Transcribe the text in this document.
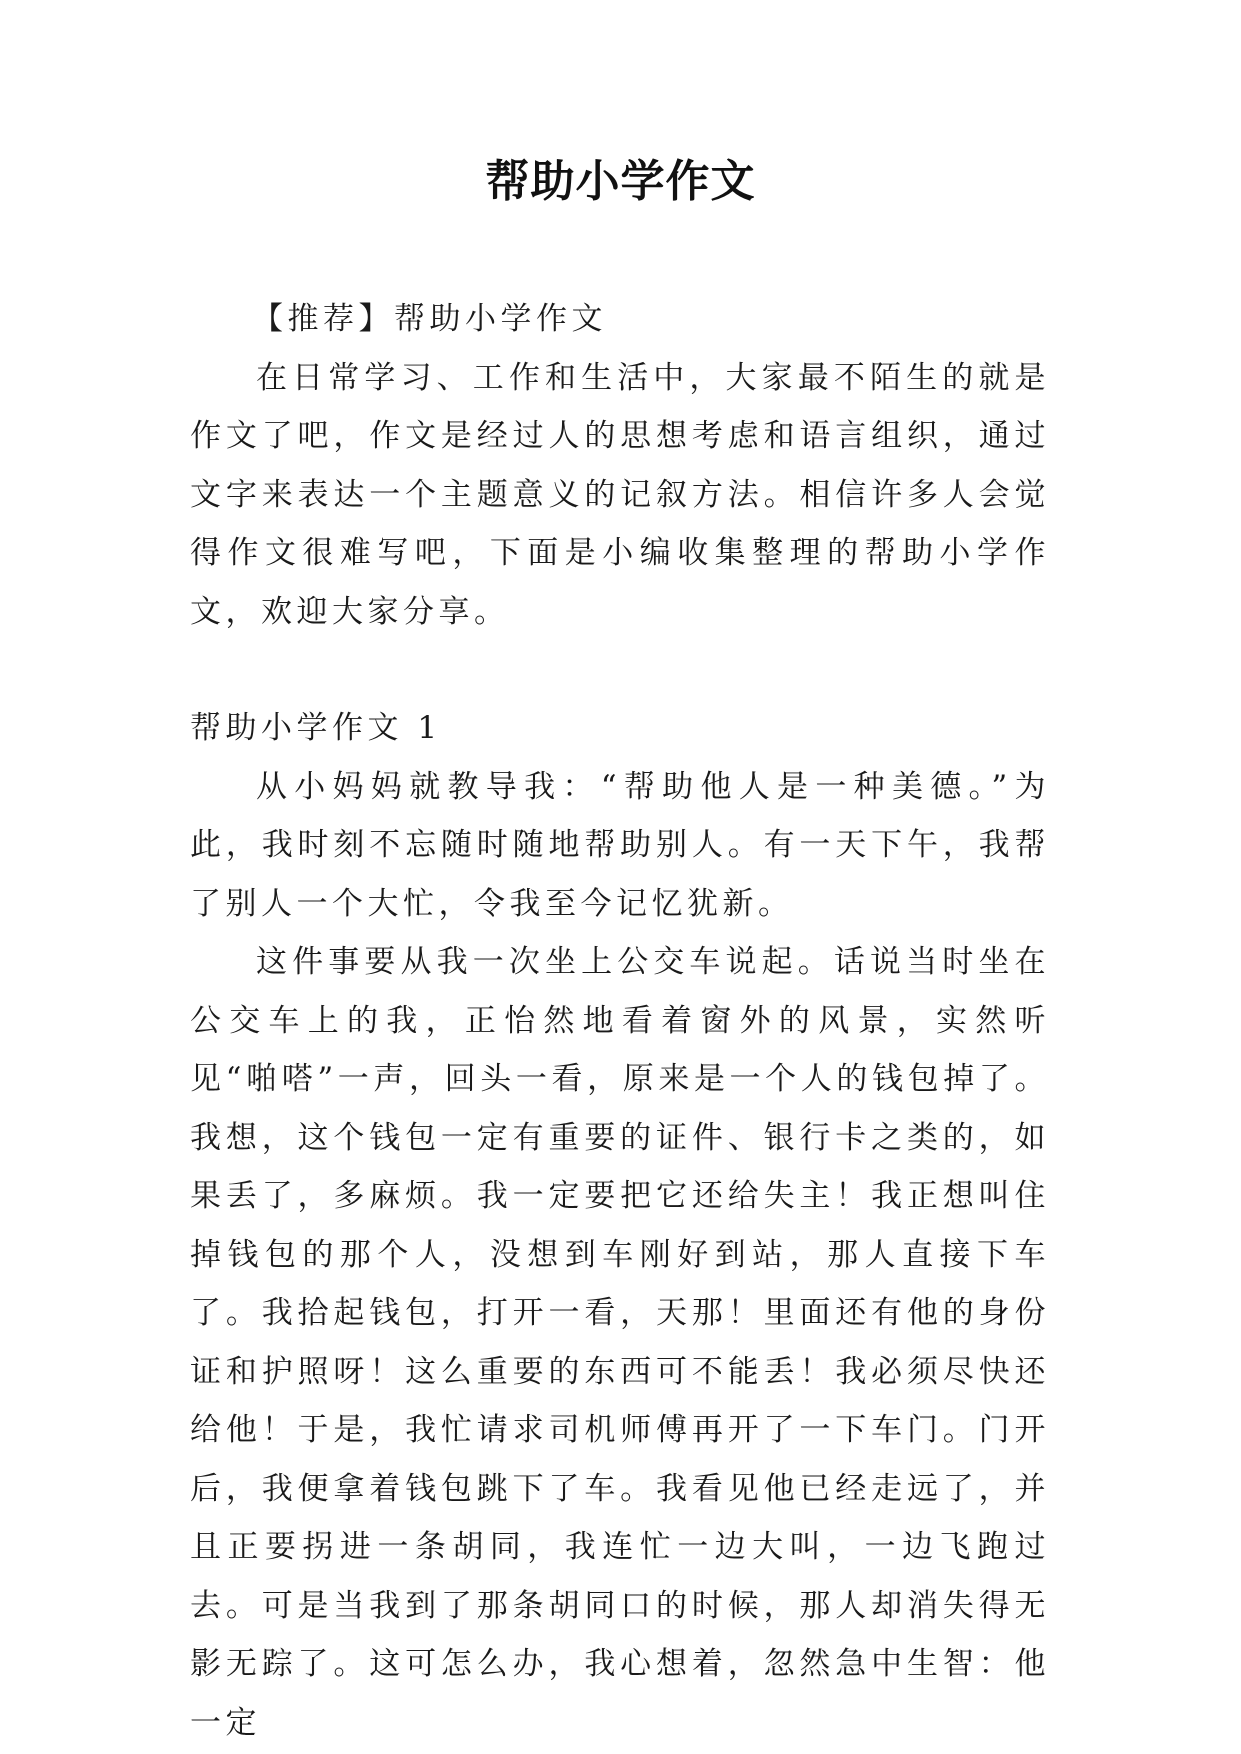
帮助小学作文

【推荐】帮助小学作文

在日常学习、工作和生活中，大家最不陌生的就是作文了吧，作文是经过人的思想考虑和语言组织，通过文字来表达一个主题意义的记叙方法。相信许多人会觉得作文很难写吧，下面是小编收集整理的帮助小学作文，欢迎大家分享。

帮助小学作文 1

从小妈妈就教导我：“帮助他人是一种美德。”为此，我时刻不忘随时随地帮助别人。有一天下午，我帮了别人一个大忙，令我至今记忆犹新。

这件事要从我一次坐上公交车说起。话说当时坐在公交车上的我，正怡然地看着窗外的风景，实然听见“啪嗒”一声，回头一看，原来是一个人的钱包掉了。我想，这个钱包一定有重要的证件、银行卡之类的，如果丢了，多麻烦。我一定要把它还给失主！我正想叫住掉钱包的那个人，没想到车刚好到站，那人直接下车了。我拾起钱包，打开一看，天那！里面还有他的身份证和护照呀！这么重要的东西可不能丢！我必须尽快还给他！于是，我忙请求司机师傅再开了一下车门。门开后，我便拿着钱包跳下了车。我看见他已经走远了，并且正要拐进一条胡同，我连忙一边大叫，一边飞跑过去。可是当我到了那条胡同口的时候，那人却消失得无影无踪了。这可怎么办，我心想着，忽然急中生智：他一定
